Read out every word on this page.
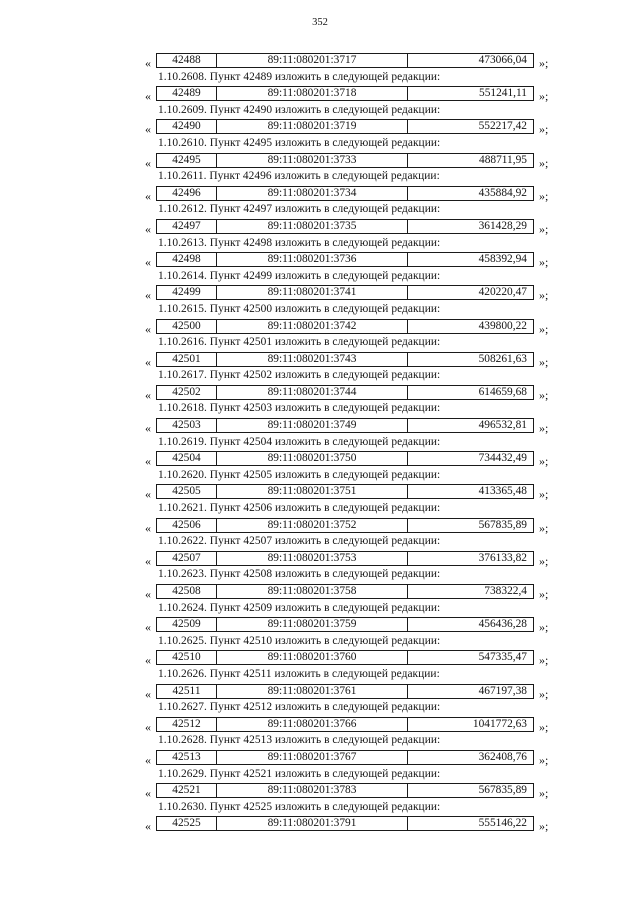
352
«	42488	89:11:080201:3717	473066,04	»;
1.10.2608. Пункт 42489 изложить в следующей редакции:
«	42489	89:11:080201:3718	551241,11	»;
1.10.2609. Пункт 42490 изложить в следующей редакции:
«	42490	89:11:080201:3719	552217,42	»;
1.10.2610. Пункт 42495 изложить в следующей редакции:
«	42495	89:11:080201:3733	488711,95	»;
1.10.2611. Пункт 42496 изложить в следующей редакции:
«	42496	89:11:080201:3734	435884,92	»;
1.10.2612. Пункт 42497 изложить в следующей редакции:
«	42497	89:11:080201:3735	361428,29	»;
1.10.2613. Пункт 42498 изложить в следующей редакции:
«	42498	89:11:080201:3736	458392,94	»;
1.10.2614. Пункт 42499 изложить в следующей редакции:
«	42499	89:11:080201:3741	420220,47	»;
1.10.2615. Пункт 42500 изложить в следующей редакции:
«	42500	89:11:080201:3742	439800,22	»;
1.10.2616. Пункт 42501 изложить в следующей редакции:
«	42501	89:11:080201:3743	508261,63	»;
1.10.2617. Пункт 42502 изложить в следующей редакции:
«	42502	89:11:080201:3744	614659,68	»;
1.10.2618. Пункт 42503 изложить в следующей редакции:
«	42503	89:11:080201:3749	496532,81	»;
1.10.2619. Пункт 42504 изложить в следующей редакции:
«	42504	89:11:080201:3750	734432,49	»;
1.10.2620. Пункт 42505 изложить в следующей редакции:
«	42505	89:11:080201:3751	413365,48	»;
1.10.2621. Пункт 42506 изложить в следующей редакции:
«	42506	89:11:080201:3752	567835,89	»;
1.10.2622. Пункт 42507 изложить в следующей редакции:
«	42507	89:11:080201:3753	376133,82	»;
1.10.2623. Пункт 42508 изложить в следующей редакции:
«	42508	89:11:080201:3758	738322,4	»;
1.10.2624. Пункт 42509 изложить в следующей редакции:
«	42509	89:11:080201:3759	456436,28	»;
1.10.2625. Пункт 42510 изложить в следующей редакции:
«	42510	89:11:080201:3760	547335,47	»;
1.10.2626. Пункт 42511 изложить в следующей редакции:
«	42511	89:11:080201:3761	467197,38	»;
1.10.2627. Пункт 42512 изложить в следующей редакции:
«	42512	89:11:080201:3766	1041772,63	»;
1.10.2628. Пункт 42513 изложить в следующей редакции:
«	42513	89:11:080201:3767	362408,76	»;
1.10.2629. Пункт 42521 изложить в следующей редакции:
«	42521	89:11:080201:3783	567835,89	»;
1.10.2630. Пункт 42525 изложить в следующей редакции:
«	42525	89:11:080201:3791	555146,22	»;
